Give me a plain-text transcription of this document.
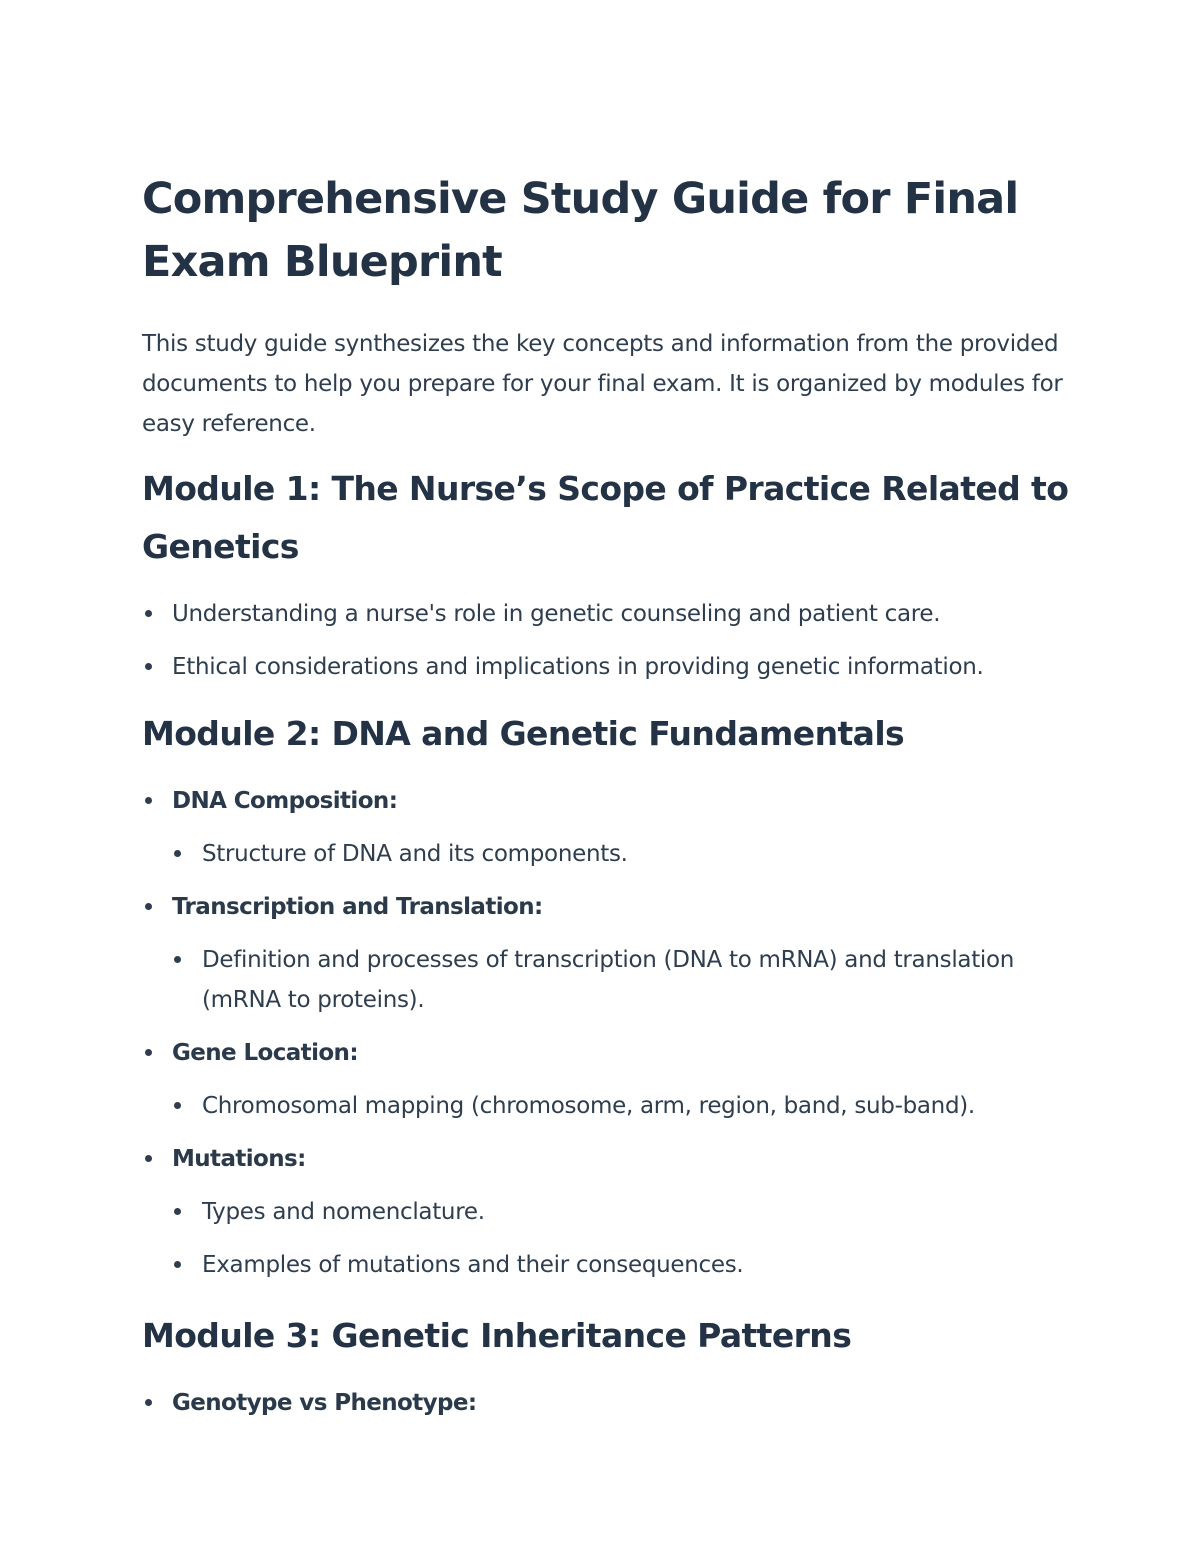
Comprehensive Study Guide for Final Exam Blueprint

This study guide synthesizes the key concepts and information from the provided documents to help you prepare for your final exam. It is organized by modules for easy reference.

Module 1: The Nurse’s Scope of Practice Related to Genetics
Understanding a nurse's role in genetic counseling and patient care.
Ethical considerations and implications in providing genetic information.
Module 2: DNA and Genetic Fundamentals
DNA Composition:
Structure of DNA and its components.
Transcription and Translation:
Definition and processes of transcription (DNA to mRNA) and translation (mRNA to proteins).
Gene Location:
Chromosomal mapping (chromosome, arm, region, band, sub-band).
Mutations:
Types and nomenclature.
Examples of mutations and their consequences.
Module 3: Genetic Inheritance Patterns
Genotype vs Phenotype:
